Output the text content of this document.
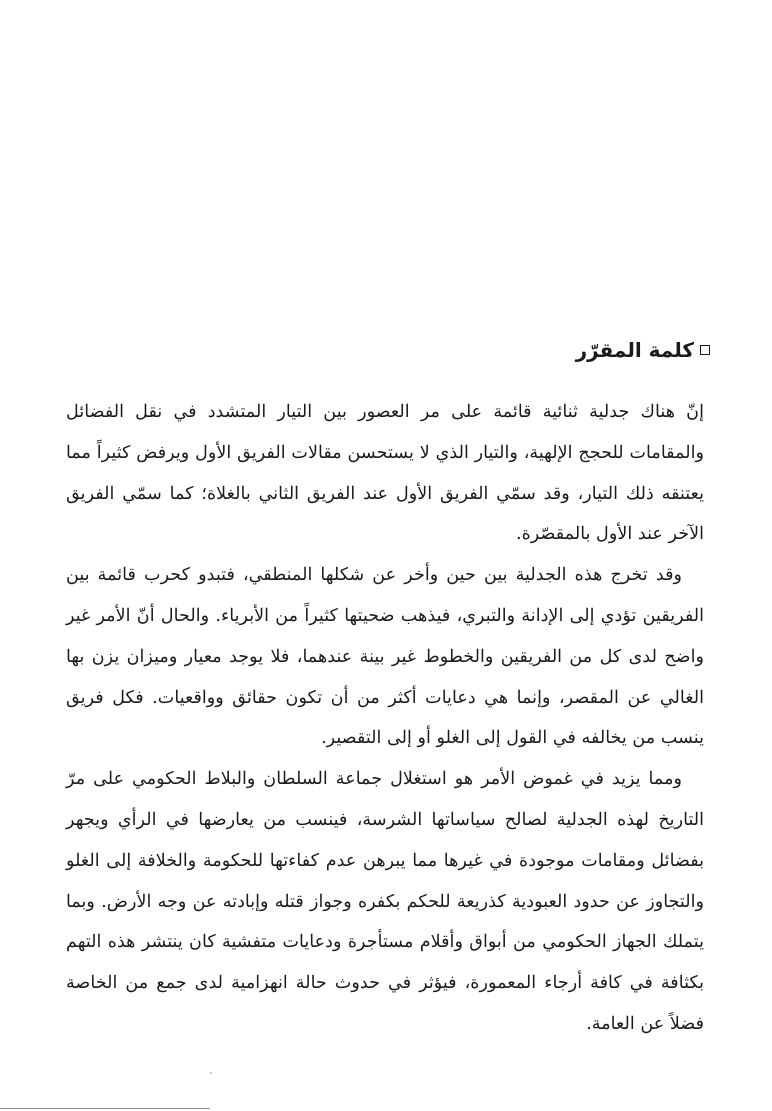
كلمة المقرّر

إنّ هناك جدلية ثنائية قائمة على مر العصور بين التيار المتشدد في نقل الفضائل والمقامات للحجج الإلهية، والتيار الذي لا يستحسن مقالات الفريق الأول ويرفض كثيراً مما يعتنقه ذلك التيار، وقد سمّي الفريق الأول عند الفريق الثاني بالغلاة؛ كما سمّي الفريق الآخر عند الأول بالمقصّرة.

وقد تخرج هذه الجدلية بين حين وأخر عن شكلها المنطقي، فتبدو كحرب قائمة بين الفريقين تؤدي إلى الإدانة والتبري، فيذهب ضحيتها كثيراً من الأبرياء. والحال أنّ الأمر غير واضح لدى كل من الفريقين والخطوط غير بينة عندهما، فلا يوجد معيار وميزان يزن بها الغالي عن المقصر، وإنما هي دعايات أكثر من أن تكون حقائق وواقعيات. فكل فريق ينسب من يخالفه في القول إلى الغلو أو إلى التقصير.

ومما يزيد في غموض الأمر هو استغلال جماعة السلطان والبلاط الحكومي على مرّ التاريخ لهذه الجدلية لصالح سياساتها الشرسة، فينسب من يعارضها في الرأي ويجهر بفضائل ومقامات موجودة في غيرها مما يبرهن عدم كفاءتها للحكومة والخلافة إلى الغلو والتجاوز عن حدود العبودية كذريعة للحكم بكفره وجواز قتله وإبادته عن وجه الأرض. وبما يتملك الجهاز الحكومي من أبواق وأقلام مستأجرة ودعايات متفشية كان ينتشر هذه التهم بكثافة في كافة أرجاء المعمورة، فيؤثر في حدوث حالة انهزامية لدى جمع من الخاصة فضلاً عن العامة.
